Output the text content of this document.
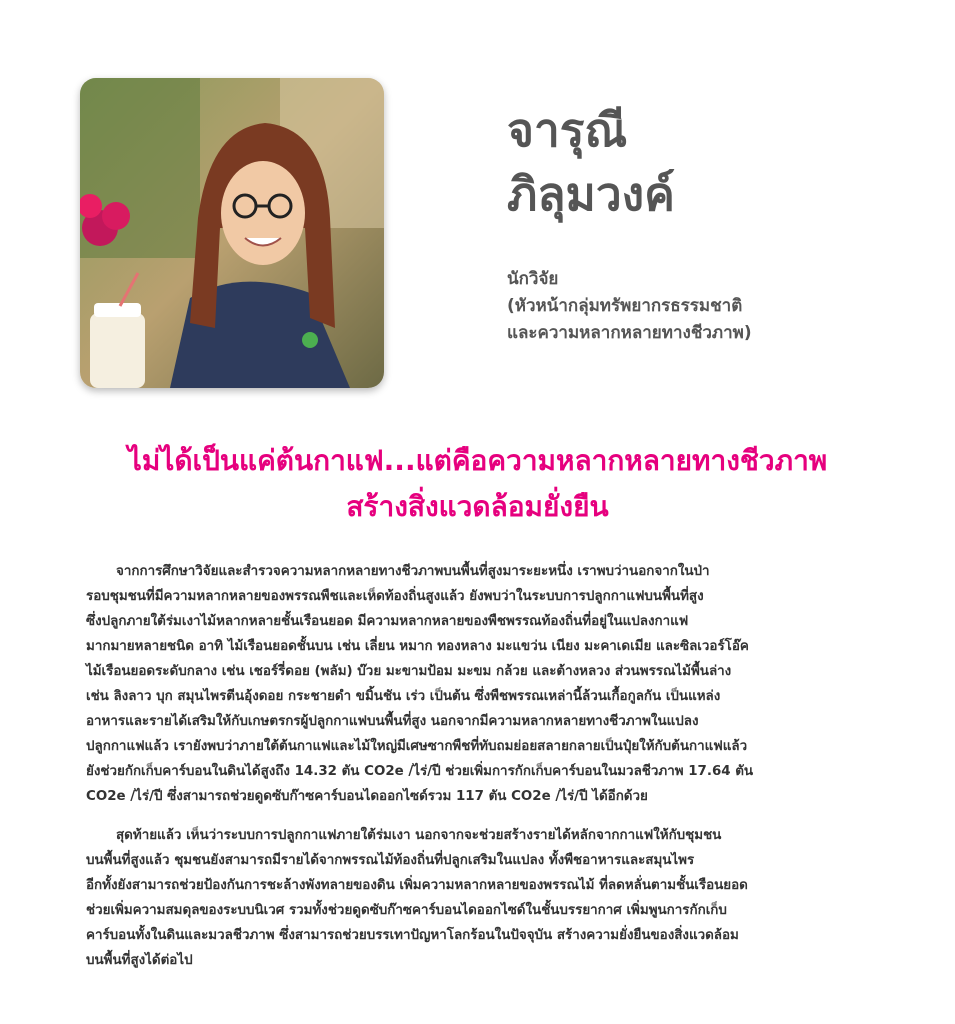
จารุณี
ภิลุมวงค์
นักวิจัย
(หัวหน้ากลุ่มทรัพยากรธรรมชาติ
และความหลากหลายทางชีวภาพ)
ไม่ได้เป็นแค่ต้นกาแฟ...แต่คือความหลากหลายทางชีวภาพ
สร้างสิ่งแวดล้อมยั่งยืน
จากการศึกษาวิจัยและสำรวจความหลากหลายทางชีวภาพบนพื้นที่สูงมาระยะหนึ่ง เราพบว่านอกจากในป่า
รอบชุมชนที่มีความหลากหลายของพรรณพืชและเห็ดท้องถิ่นสูงแล้ว ยังพบว่าในระบบการปลูกกาแฟบนพื้นที่สูง
ซึ่งปลูกภายใต้ร่มเงาไม้หลากหลายชั้นเรือนยอด มีความหลากหลายของพืชพรรณท้องถิ่นที่อยู่ในแปลงกาแฟ
มากมายหลายชนิด อาทิ ไม้เรือนยอดชั้นบน เช่น เลี่ยน หมาก ทองหลาง มะแขว่น เนียง มะคาเดเมีย และซิลเวอร์โอ๊ค
ไม้เรือนยอดระดับกลาง เช่น เชอร์รี่ดอย (พลัม) บ๊วย มะขามป้อม มะขม กล้วย และต้างหลวง ส่วนพรรณไม้พื้นล่าง
เช่น ลิงลาว บุก สมุนไพรตีนอุ้งดอย กระชายดำ ขมิ้นชัน เร่ว เป็นต้น ซึ่งพืชพรรณเหล่านี้ล้วนเกื้อกูลกัน เป็นแหล่ง
อาหารและรายได้เสริมให้กับเกษตรกรผู้ปลูกกาแฟบนพื้นที่สูง นอกจากมีความหลากหลายทางชีวภาพในแปลง
ปลูกกาแฟแล้ว เรายังพบว่าภายใต้ต้นกาแฟและไม้ใหญ่มีเศษซากพืชที่ทับถมย่อยสลายกลายเป็นปุ๋ยให้กับต้นกาแฟแล้ว
ยังช่วยกักเก็บคาร์บอนในดินได้สูงถึง 14.32 ตัน CO2e /ไร่/ปี ช่วยเพิ่มการกักเก็บคาร์บอนในมวลชีวภาพ 17.64 ตัน
CO2e /ไร่/ปี ซึ่งสามารถช่วยดูดซับก๊าซคาร์บอนไดออกไซด์รวม 117 ตัน CO2e /ไร่/ปี ได้อีกด้วย
สุดท้ายแล้ว เห็นว่าระบบการปลูกกาแฟภายใต้ร่มเงา นอกจากจะช่วยสร้างรายได้หลักจากกาแฟให้กับชุมชน
บนพื้นที่สูงแล้ว ชุมชนยังสามารถมีรายได้จากพรรณไม้ท้องถิ่นที่ปลูกเสริมในแปลง ทั้งพืชอาหารและสมุนไพร
อีกทั้งยังสามารถช่วยป้องกันการชะล้างพังทลายของดิน เพิ่มความหลากหลายของพรรณไม้ ที่ลดหลั่นตามชั้นเรือนยอด
ช่วยเพิ่มความสมดุลของระบบนิเวศ รวมทั้งช่วยดูดซับก๊าซคาร์บอนไดออกไซด์ในชั้นบรรยากาศ เพิ่มพูนการกักเก็บ
คาร์บอนทั้งในดินและมวลชีวภาพ ซึ่งสามารถช่วยบรรเทาปัญหาโลกร้อนในปัจจุบัน สร้างความยั่งยืนของสิ่งแวดล้อม
บนพื้นที่สูงได้ต่อไป
